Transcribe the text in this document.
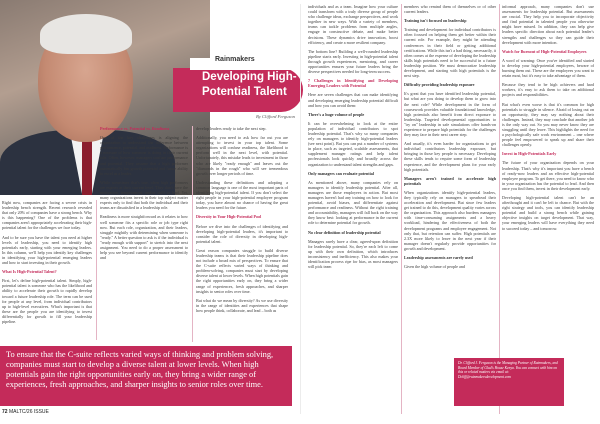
Rainmakers
Developing High-Potential Talent
By Clifford Ferguson

Right now, companies are facing a severe crisis in leadership bench strength. Recent research revealed that only 20% of companies have a strong bench. Why is this happening? One of the problems is that companies aren't appropriately accelerating their high-potential talent for the challenges we face today.

And to be sure you have the talent you need at higher levels of leadership, you need to identify high potentials early, starting with your emerging leaders. In this column, we'll help you identify key challenges in identifying your high-potential emerging leaders and how to start investing in their growth.

What Is High-Potential Talent?

First, let's define high-potential talent. Simply, high-potential talent is someone who has the likelihood and ability to accelerate their growth to rapidly develop toward a future leadership role. The term can be used for people at any level, from individual contributors up to high-level executives. What's important is that these are the people you are identifying to invest differentially for growth to fill your leadership pipeline.

Performance vs. Potential vs. Readiness

One of the key challenges is aligning the organization to understand the difference between performance, potential, and readiness. Performance is a measure of how someone is doing in their current role. Often, however, managers confuse performance and potential. They assume that a high performer automatically has growth potential and future ability to excel as a leader.

While sometimes that's true, often high performers are experts at their current level. They don't have the motivation, temperament, and/or skill to lead. Yet, many organizations invest in their top subject matter experts only to find that both the individual and their teams are dissatisfied in a leadership role.

Readiness is more straightforward as it relates to how well someone fits a specific role or job type right now. But each role, organization, and their leaders, struggle mightily with determining when someone is "ready." A better question to ask is if the individual is "ready enough with support" to stretch into the next assignment. You need to do a proper assessment to help you see beyond current performance to identify and

develop leaders ready to take the next step.

Additionally, you need to ask how far out you are attempting to invest in your top talent. Some organizations will confuse readiness, the likelihood to perform well in the next level, with potential. Unfortunately, this mistake leads to investment in those who are likely "ready enough" and leaves out the "diamonds in the rough" who will see tremendous growth over longer periods of time.

Understanding these definitions and adopting a common language is one of the most important parts of identifying high-potential talent. If you don't select the right people in your high-potential employee program today, you have almost no chance of having the great leaders you need for the future.

Diversity in Your High-Potential Pool

Before we dive into the challenges of identifying and developing high-potential leaders, it's important to consider the role of diversity in developing high-potential talent.

Great reason companies struggle to build diverse leadership teams is that their leadership pipeline does not include a broad mix of perspectives. To ensure that the C-suite reflects varied ways of thinking and problem-solving, companies must start by developing diverse talent at lower levels. When high potentials gain the right opportunities early on, they bring a wider range of experiences, fresh approaches, and sharper insights to senior roles over time.

But what do we mean by diversity? As we use diversity in the range of identities and experiences that shape how people think, collaborate, and lead – both as

individuals and as a team. Imagine how your culture could transform with a truly diverse group of people who challenge ideas, exchange perspectives, and work together in new ways. With a variety of members, teams can tackle problems from multiple angles, engage in constructive debate, and make better decisions. These dynamics drive innovation, boost efficiency, and create a more resilient company.

The bottom line? Building a well-rounded leadership pipeline starts early. Investing in high-potential talent through growth experiences, mentoring, and career opportunities ensures your future leaders bring the diverse perspectives needed for long-term success.

7 Challenges in Identifying and Developing Emerging Leaders with Potential

Here are seven challenges that can make identifying and developing emerging leadership potential difficult and how you can avoid them:

There's a huge volume of people

It can be overwhelming to look at the entire population of individual contributors to spot leadership potential. That's why so many companies rely on managers to identify high-potential leaders (see next point). But you can put a number of systems in place, such as targeted, scalable assessments, that supplement manager ratings and help talent professionals look quickly and broadly across the organization to understand talent strengths and gaps.

Only managers can evaluate potential

As mentioned above, many companies rely on managers to identify leadership potential. After all, managers are those employees in action. But most managers haven't had any training on how to look for potential, avoid biases, and differentiate against performance and readiness. Without the right training and accountability, managers will fall back on the way they know best: looking at performance in the current role to determine potential for growth.

No clear definition of leadership potential

Managers rarely have a clear, agreed-upon definition for leadership potential. So, they're each left to come up with their own definition, which introduces inconsistency and inefficiency. This also makes your identification process ripe for bias, as most managers will pick team

members who remind them of themselves or of other current leaders.

Training isn't focused on leadership

Training and development for individual contributors is often focused on helping them get better within their current role. For example, they might be attending conferences in their field or getting additional certifications. While this isn't a bad thing, necessarily, it often comes at the expense of developing the leadership skills high potentials need to be successful in a future leadership position. We must democratize leadership development, and starting with high potentials is the next step.

Difficulty providing leadership exposure

It's great that you have identified leadership potential, but what are you doing to develop them to grow into the next role? While development in the form of coursework provides valuable foundational knowledge, high potentials also benefit from direct exposure to leadership. Targeted developmental opportunities to "try on" leadership in safe simulations offer hands-on experience to prepare high potentials for the challenges they may face in their next career step.

And usually, it's even harder for organizations to get individual contributors leadership exposure, but bringing in those key people is necessary. Developing these skills tends to require some form of leadership experience, and the development plans for your early high potentials.

Managers aren't trained to accelerate high potentials

When organizations identify high-potential leaders, they typically rely on managers to spearhead their acceleration and development. But since few leaders get trained to do this, development quality varies across the organization. This approach also burdens managers with time-consuming assignments and a heavy workload, hindering the effectiveness of both the development programs and employee engagement. Not only that, but retention can suffer. High potentials are 2.3X more likely to leave in the next year if their manager doesn't regularly provide opportunities for growth and development.

Leadership assessments are rarely used

Given the high volume of people and

informal approach, many companies don't use assessments for leadership potential. But assessments are crucial. They help you to incorporate objectivity and find potential in talented people you otherwise might have missed. In addition, they can help give leaders specific direction about each potential leader's strengths and challenges so they can guide their development with more intention.

Watch for Burnout of High-Potential Employees

A word of warning: Once you've identified and started to develop your high-potential employees, beware of burning them out. These are the employees you want to retain most, but it's easy to take advantage of them.

Because they tend to be high achievers and hard workers, it's easy to ask them to take on additional projects and responsibilities.

But what's even worse is that it's common for high potentials to struggle in silence. Afraid of losing out on an opportunity, they may say nothing about their challenges. Instead, they may conclude that another job is the only way out. So you may never know they are struggling until they leave. This highlights the need for a psychologically safe work environment – one where people feel empowered to speak up and share their challenges openly.

Invest in High-Potentials Early

The future of your organization depends on your leadership. That's why it's important you have a bench of ready-now leaders and an effective high-potential employee program. To get there, you need to know who in your organization has the potential to lead. And then once you find them, invest in their development early.

Developing high-potential talent can't be an afterthought and it can't be left to chance. But with the right strategy and tools, you can identify leadership potential and build a strong bench while gaining objective insights on target development. That way, your emerging leaders will have everything they need to succeed today – and tomorrow.

To ensure that the C-suite reflects varied ways of thinking and problem solving, companies must start to develop a diverse talent at lower levels. When high potentials gain the right opportunities early on, they bring a wider range of experiences, fresh approaches, and sharper insights to senior roles over time.
Dr. Clifford J. Ferguson is the Managing Partner of Rainmakers, and Board Member of Glad's House Kenya. You can connect with him on this or related matters via email at: Dcliff@rainmakersdevelopment.com
72 MALTC/26 ISSUE
